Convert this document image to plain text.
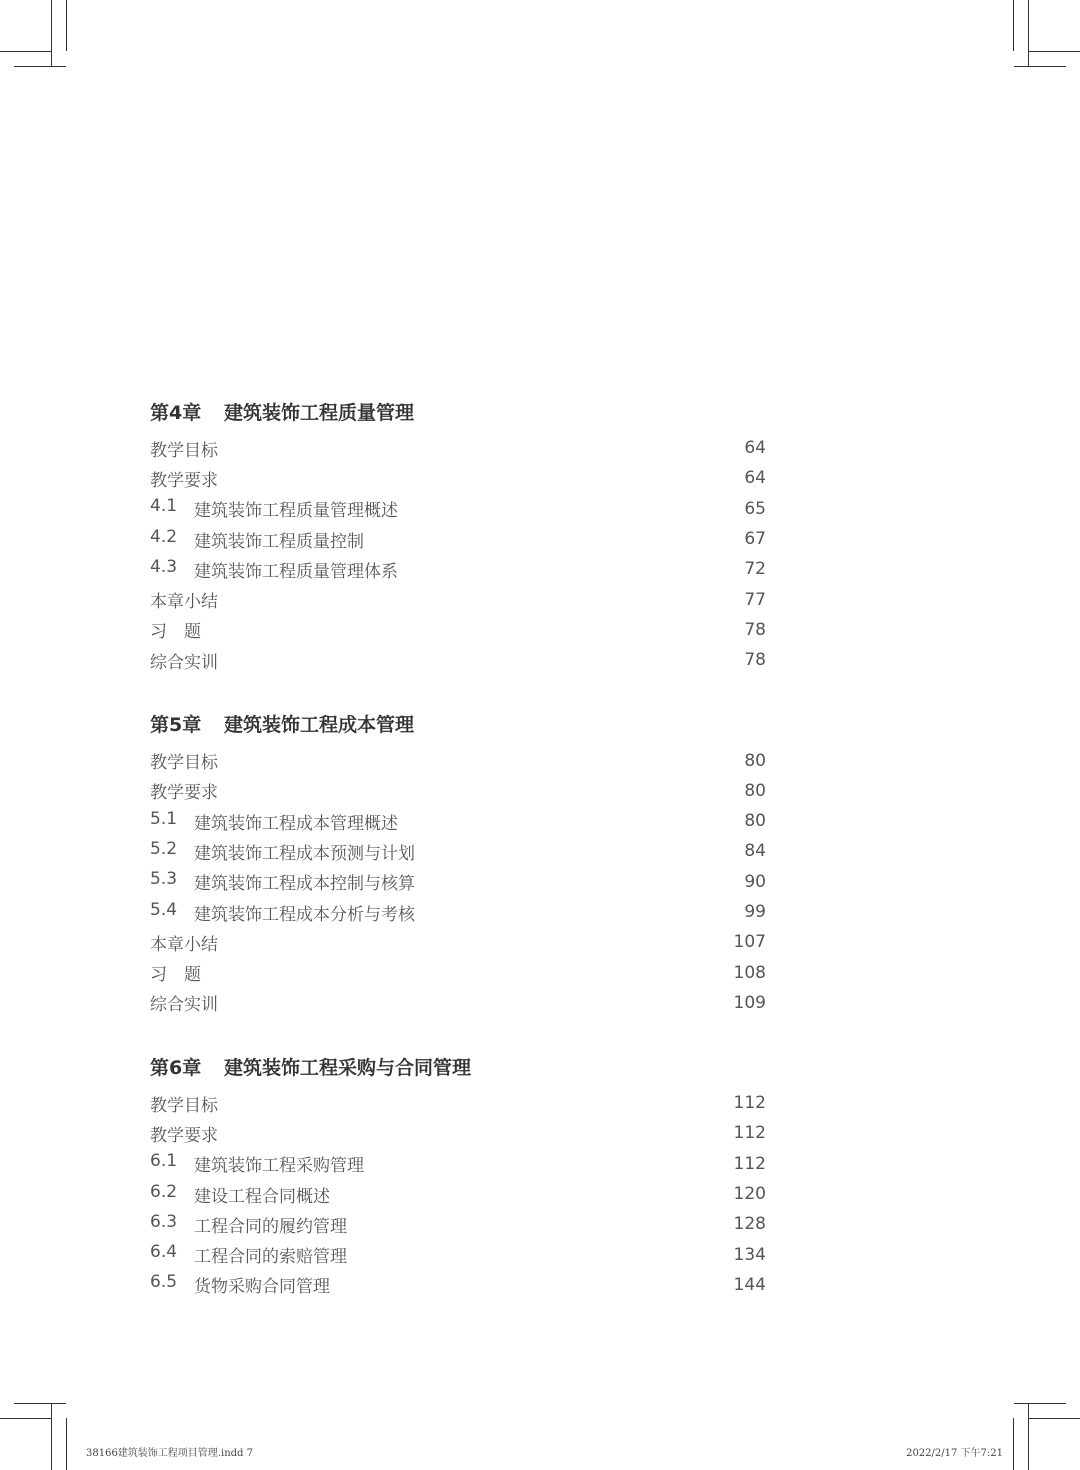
第4章 建筑装饰工程质量管理
教学目标	64
教学要求	64
4.1 建筑装饰工程质量管理概述	65
4.2 建筑装饰工程质量控制	67
4.3 建筑装饰工程质量管理体系	72
本章小结	77
习　题	78
综合实训	78
第5章 建筑装饰工程成本管理
教学目标	80
教学要求	80
5.1 建筑装饰工程成本管理概述	80
5.2 建筑装饰工程成本预测与计划	84
5.3 建筑装饰工程成本控制与核算	90
5.4 建筑装饰工程成本分析与考核	99
本章小结	107
习　题	108
综合实训	109
第6章 建筑装饰工程采购与合同管理
教学目标	112
教学要求	112
6.1 建筑装饰工程采购管理	112
6.2 建设工程合同概述	120
6.3 工程合同的履约管理	128
6.4 工程合同的索赔管理	134
6.5 货物采购合同管理	144
38166建筑装饰工程项目管理.indd 7	2022/2/17 下午7:21
